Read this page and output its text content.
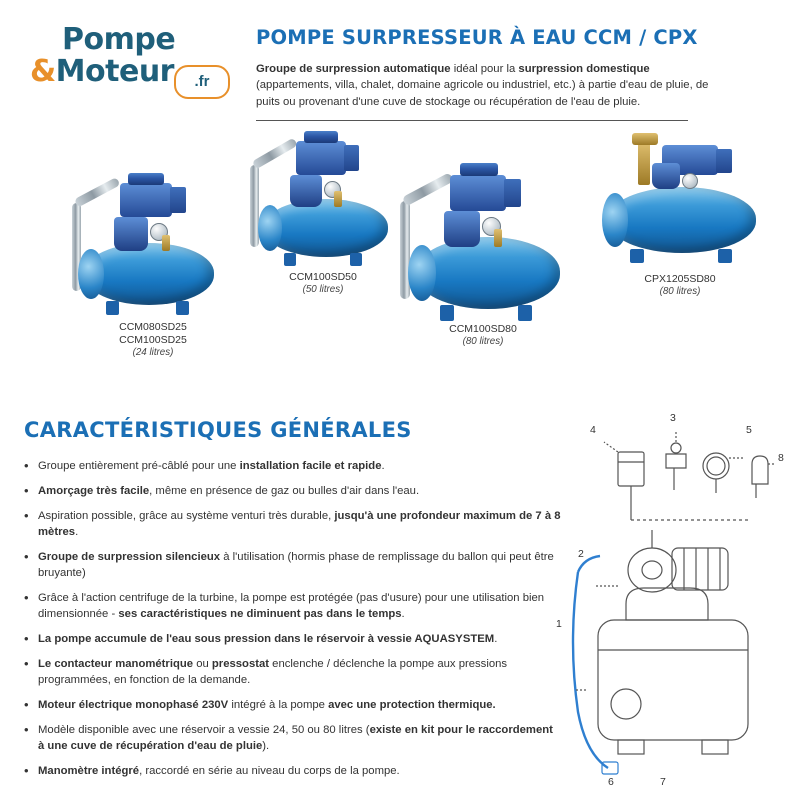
Pompe
&Moteur	.fr
POMPE SURPRESSEUR À EAU CCM / CPX

Groupe de surpression automatique idéal pour la surpression domestique (appartements, villa, chalet, domaine agricole ou industriel, etc.) à partie d'eau de pluie, de puits ou provenant d'une cuve de stockage ou récupération de l'eau de pluie.

CCM080SD25
CCM100SD25
(24 litres)
CCM100SD50
(50 litres)
CCM100SD80
(80 litres)
CPX1205SD80
(80 litres)
CARACTÉRISTIQUES GÉNÉRALES
• Groupe entièrement pré-câblé pour une installation facile et rapide.
• Amorçage très facile, même en présence de gaz ou bulles d'air dans l'eau.
• Aspiration possible, grâce au système venturi très durable, jusqu'à une profondeur maximum de 7 à 8 mètres.
• Groupe de surpression silencieux à l'utilisation (hormis phase de remplissage du ballon qui peut être bruyante)
• Grâce à l'action centrifuge de la turbine, la pompe est protégée (pas d'usure) pour une utilisation bien dimensionnée - ses caractéristiques ne diminuent pas dans le temps.
• La pompe accumule de l'eau sous pression dans le réservoir à vessie AQUASYSTEM.
• Le contacteur manométrique ou pressostat enclenche / déclenche la pompe aux pressions programmées, en fonction de la demande.
• Moteur électrique monophasé 230V intégré à la pompe avec une protection thermique.
• Modèle disponible avec une réservoir a vessie 24, 50 ou 80 litres (existe en kit pour le raccordement à une cuve de récupération d'eau de pluie).
• Manomètre intégré, raccordé en série au niveau du corps de la pompe.
1
2
3
4	5
6	7
8
